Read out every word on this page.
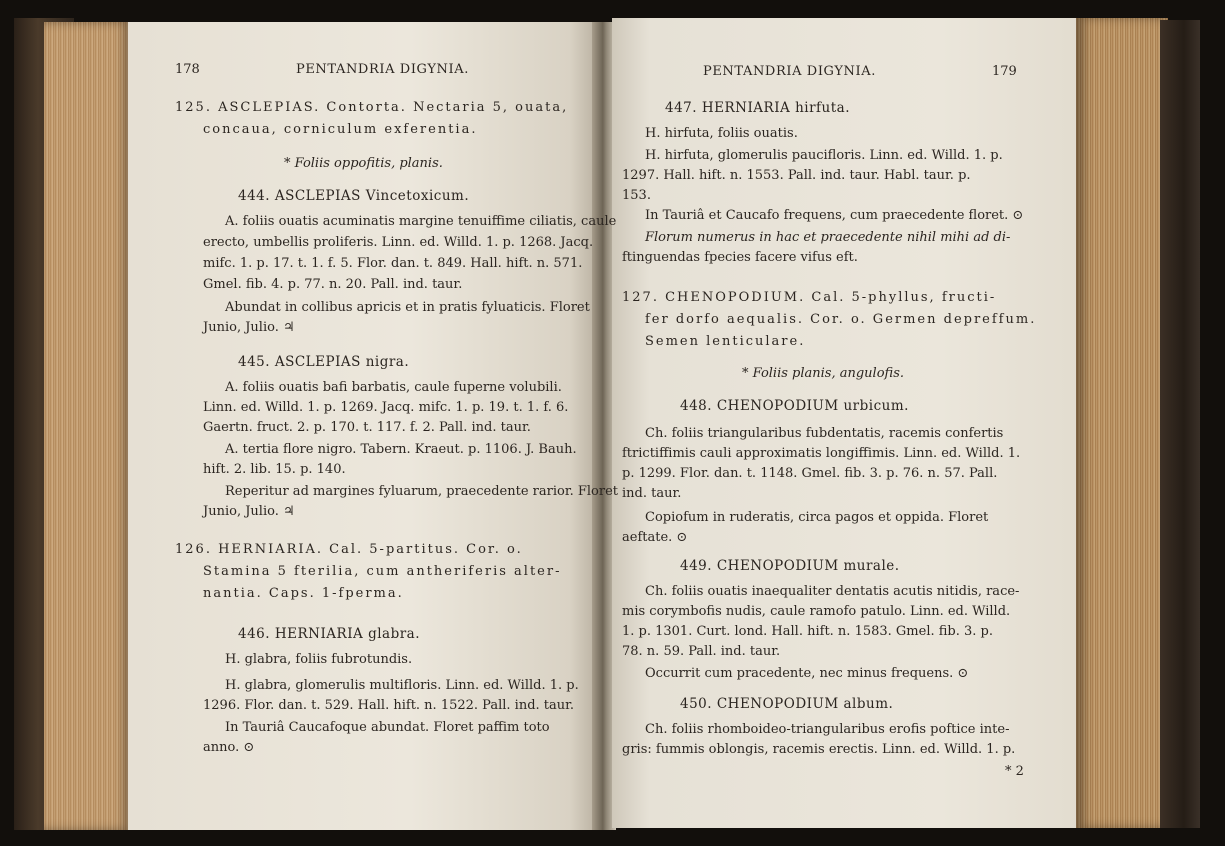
178	PENTANDRIA DIGYNIA.
125. ASCLEPIAS. Contorta. Nectaria 5, ouata,
concaua, corniculum exferentia.
* Foliis oppofitis, planis.
444. ASCLEPIAS Vincetoxicum.
A. foliis ouatis acuminatis margine tenuiffime ciliatis, caule
erecto, umbellis proliferis. Linn. ed. Willd. 1. p. 1268. Jacq.
mifc. 1. p. 17. t. 1. f. 5. Flor. dan. t. 849. Hall. hift. n. 571.
Gmel. fib. 4. p. 77. n. 20. Pall. ind. taur.
Abundat in collibus apricis et in pratis fyluaticis. Floret
Junio, Julio. ♃
445. ASCLEPIAS nigra.
A. foliis ouatis bafi barbatis, caule fuperne volubili.
Linn. ed. Willd. 1. p. 1269. Jacq. mifc. 1. p. 19. t. 1. f. 6.
Gaertn. fruct. 2. p. 170. t. 117. f. 2. Pall. ind. taur.
A. tertia flore nigro. Tabern. Kraeut. p. 1106. J. Bauh.
hift. 2. lib. 15. p. 140.
Reperitur ad margines fyluarum, praecedente rarior. Floret
Junio, Julio. ♃
126. HERNIARIA. Cal. 5-partitus. Cor. o.
Stamina 5 fterilia, cum antheriferis alter-
nantia. Caps. 1-fperma.
446. HERNIARIA glabra.
H. glabra, foliis fubrotundis.
H. glabra, glomerulis multifloris. Linn. ed. Willd. 1. p.
1296. Flor. dan. t. 529. Hall. hift. n. 1522. Pall. ind. taur.
In Tauriâ Caucafoque abundat. Floret paffim toto
anno. ⊙
PENTANDRIA DIGYNIA.	179
447. HERNIARIA hirfuta.
H. hirfuta, foliis ouatis.
H. hirfuta, glomerulis paucifloris. Linn. ed. Willd. 1. p.
1297. Hall. hift. n. 1553. Pall. ind. taur. Habl. taur. p.
153.
In Tauriâ et Caucafo frequens, cum praecedente floret. ⊙
Florum numerus in hac et praecedente nihil mihi ad di-
ftinguendas fpecies facere vifus eft.
127. CHENOPODIUM. Cal. 5-phyllus, fructi-
fer dorfo aequalis. Cor. o. Germen depreffum.
Semen lenticulare.
* Foliis planis, angulofis.
448. CHENOPODIUM urbicum.
Ch. foliis triangularibus fubdentatis, racemis confertis
ftrictiffimis cauli approximatis longiffimis. Linn. ed. Willd. 1.
p. 1299. Flor. dan. t. 1148. Gmel. fib. 3. p. 76. n. 57. Pall.
ind. taur.
Copiofum in ruderatis, circa pagos et oppida. Floret
aeftate. ⊙
449. CHENOPODIUM murale.
Ch. foliis ouatis inaequaliter dentatis acutis nitidis, race-
mis corymbofis nudis, caule ramofo patulo. Linn. ed. Willd.
1. p. 1301. Curt. lond. Hall. hift. n. 1583. Gmel. fib. 3. p.
78. n. 59. Pall. ind. taur.
Occurrit cum pracedente, nec minus frequens. ⊙
450. CHENOPODIUM album.
Ch. foliis rhomboideo-triangularibus erofis poftice inte-
gris: fummis oblongis, racemis erectis. Linn. ed. Willd. 1. p.
* 2
